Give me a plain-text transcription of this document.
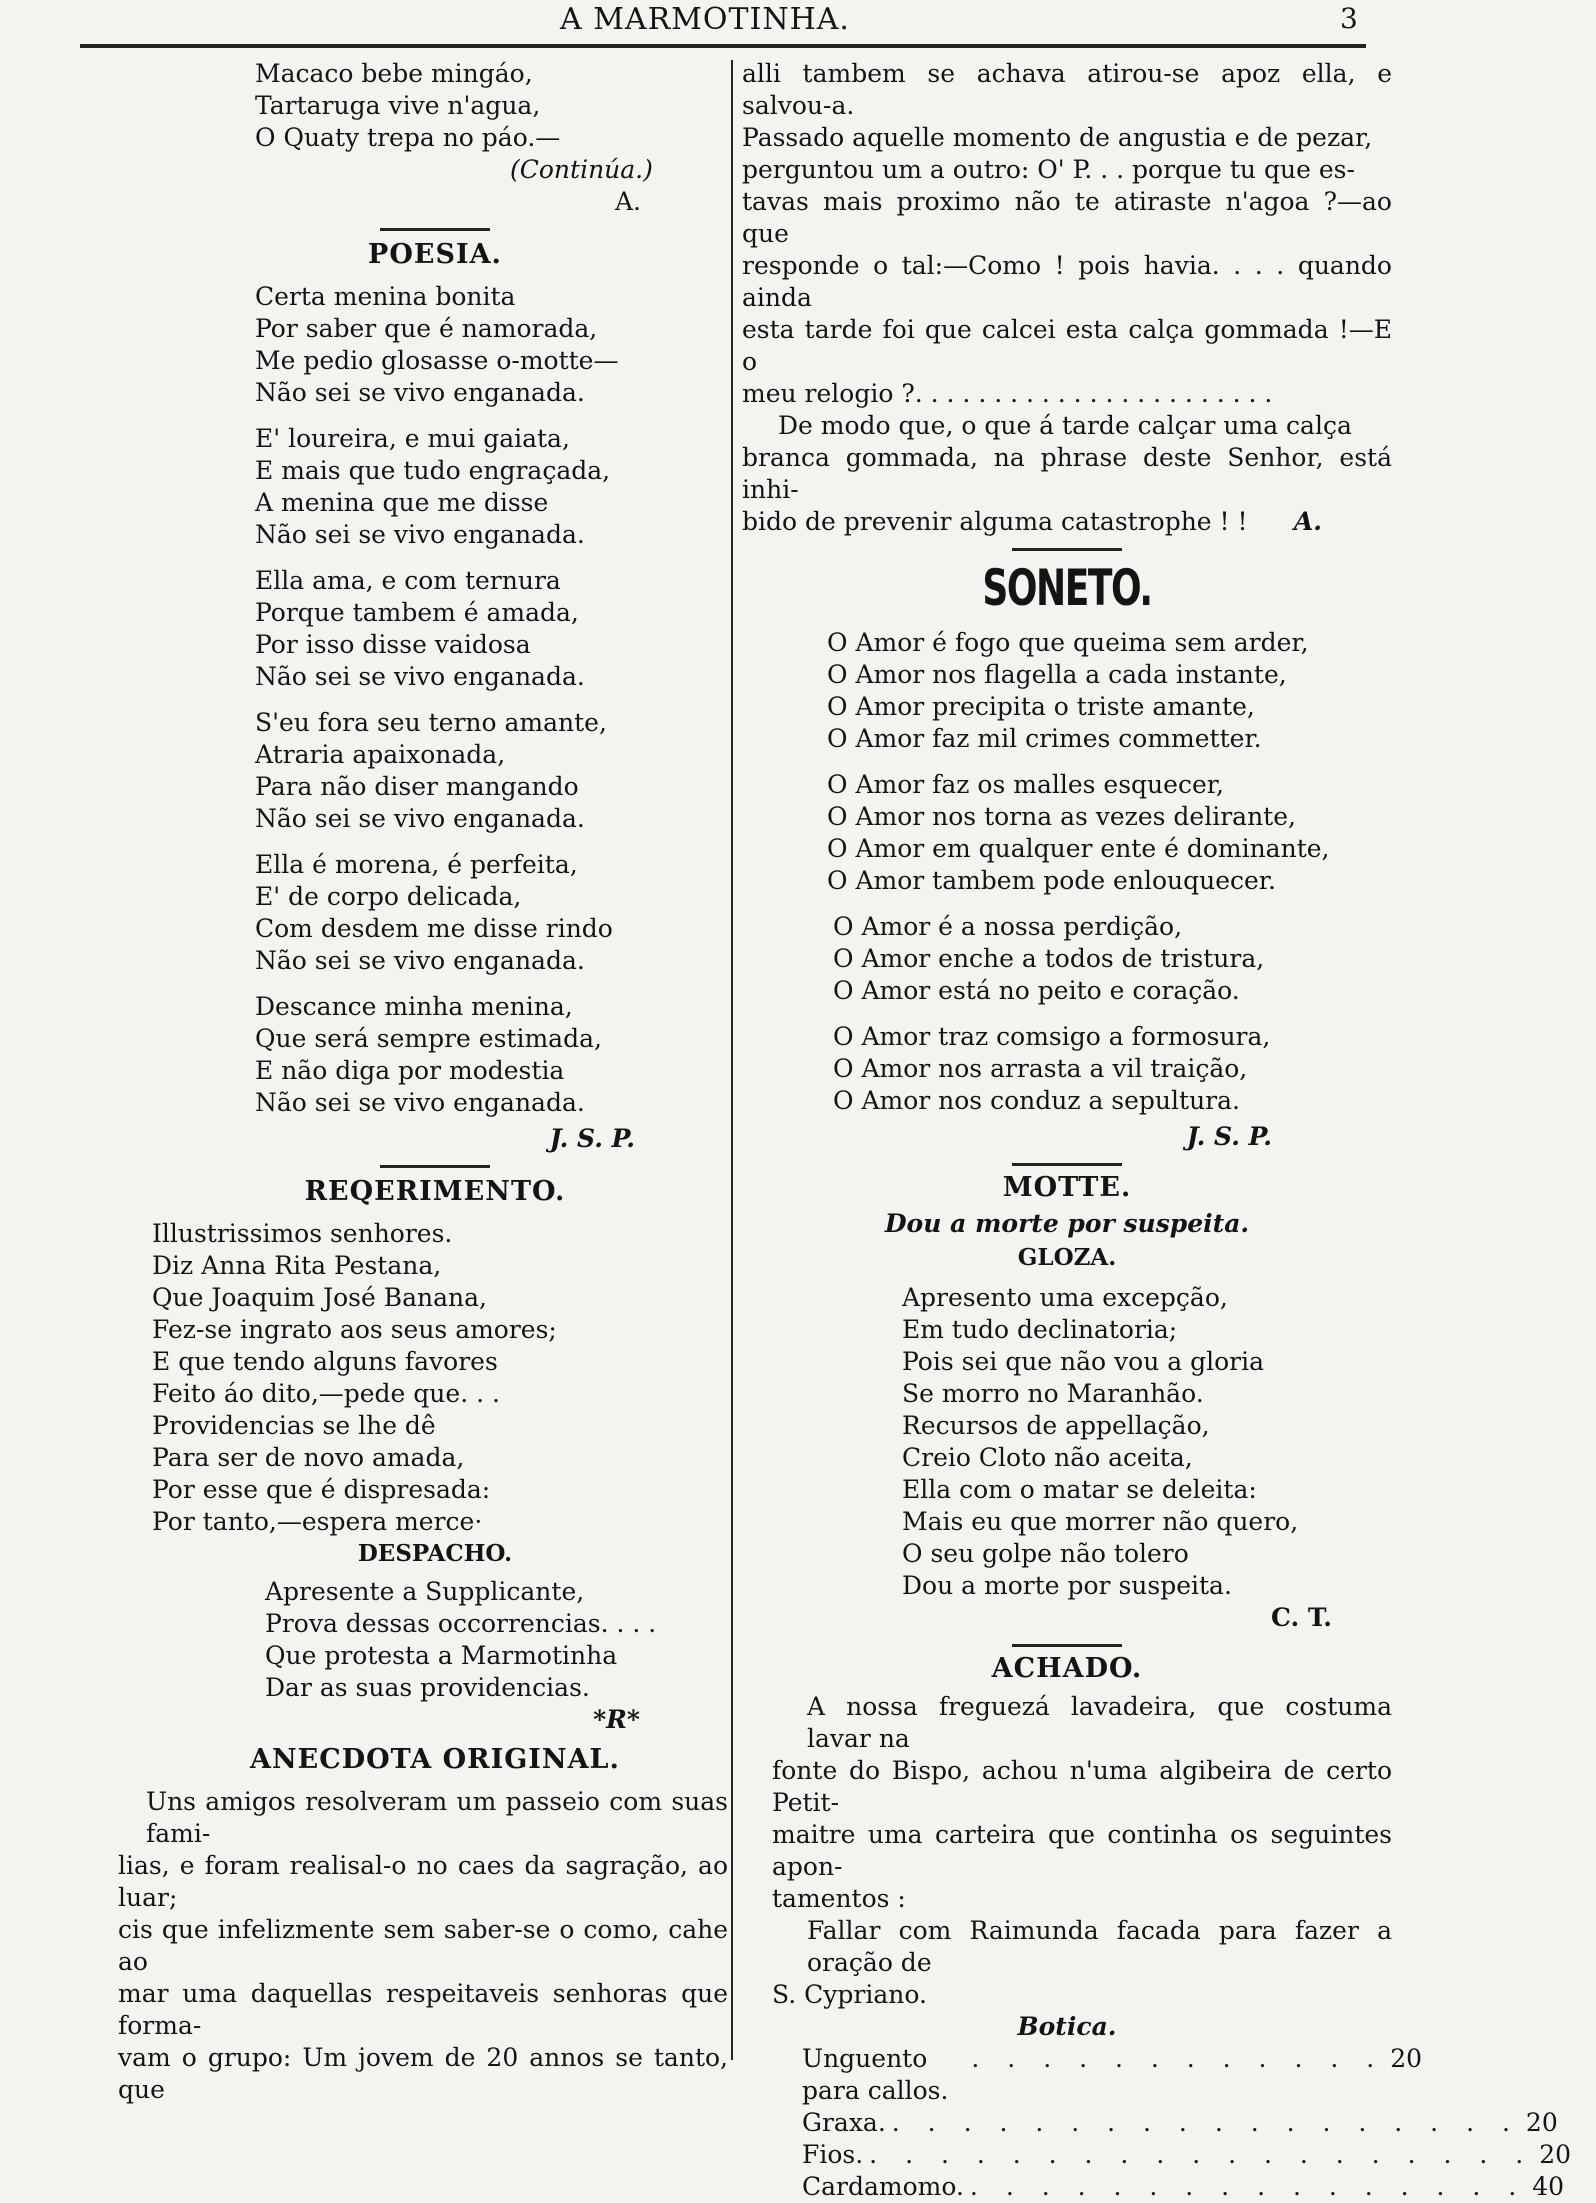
A MARMOTINHA.	3
Macaco bebe mingáo,
Tartaruga vive n'agua,
O Quaty trepa no páo.—
(Continúa.)
A.
POESIA.
Certa menina bonita
Por saber que é namorada,
Me pedio glosasse o-motte—
Não sei se vivo enganada.
E' loureira, e mui gaiata,
E mais que tudo engraçada,
A menina que me disse
Não sei se vivo enganada.
Ella ama, e com ternura
Porque tambem é amada,
Por isso disse vaidosa
Não sei se vivo enganada.
S'eu fora seu terno amante,
Atraria apaixonada,
Para não diser mangando
Não sei se vivo enganada.
Ella é morena, é perfeita,
E' de corpo delicada,
Com desdem me disse rindo
Não sei se vivo enganada.
Descance minha menina,
Que será sempre estimada,
E não diga por modestia
Não sei se vivo enganada.
J. S. P.
REQERIMENTO.
Illustrissimos senhores.
Diz Anna Rita Pestana,
Que Joaquim José Banana,
Fez-se ingrato aos seus amores;
E que tendo alguns favores
Feito áo dito,—pede que. . .
Providencias se lhe dê
Para ser de novo amada,
Por esse que é dispresada:
Por tanto,—espera merce·
DESPACHO.
Apresente a Supplicante,
Prova dessas occorrencias. . . .
Que protesta a Marmotinha
Dar as suas providencias.
*R*
ANECDOTA ORIGINAL.
Uns amigos resolveram um passeio com suas fami-
lias, e foram realisal-o no caes da sagração, ao luar;
cis que infelizmente sem saber-se o como, cahe ao
mar uma daquellas respeitaveis senhoras que forma-
vam o grupo: Um jovem de 20 annos se tanto, que
alli tambem se achava atirou-se apoz ella, e salvou-a.
Passado aquelle momento de angustia e de pezar,
perguntou um a outro: O' P. . . porque tu que es-
tavas mais proximo não te atiraste n'agoa ?—ao que
responde o tal:—Como ! pois havia. . . . quando ainda
esta tarde foi que calcei esta calça gommada !—E o
meu relogio ?. . . . . . . . . . . . . . . . . . . . . . .
De modo que, o que á tarde calçar uma calça
branca gommada, na phrase deste Senhor, está inhi-
bido de prevenir alguma catastrophe ! ! A.
SONETO.
O Amor é fogo que queima sem arder,
O Amor nos flagella a cada instante,
O Amor precipita o triste amante,
O Amor faz mil crimes commetter.
O Amor faz os malles esquecer,
O Amor nos torna as vezes delirante,
O Amor em qualquer ente é dominante,
O Amor tambem pode enlouquecer.
O Amor é a nossa perdição,
O Amor enche a todos de tristura,
O Amor está no peito e coração.
O Amor traz comsigo a formosura,
O Amor nos arrasta a vil traição,
O Amor nos conduz a sepultura.
J. S. P.
MOTTE.
Dou a morte por suspeita.
GLOZA.
Apresento uma excepção,
Em tudo declinatoria;
Pois sei que não vou a gloria
Se morro no Maranhão.
Recursos de appellação,
Creio Cloto não aceita,
Ella com o matar se deleita:
Mais eu que morrer não quero,
O seu golpe não tolero
Dou a morte por suspeita.
C. T.
ACHADO.
A nossa freguezá lavadeira, que costuma lavar na
fonte do Bispo, achou n'uma algibeira de certo Petit-
maitre uma carteira que continha os seguintes apon-
tamentos :
Fallar com Raimunda facada para fazer a oração de
S. Cypriano.
Botica.
Unguento para callos.
. . . . . . . . . . . . 20
Graxa. . . . . . . . . . . . . . . . . . . 20
Fios. . . . . . . . . . . . . . . . . . . . 20
Cardamomo. . . . . . . . . . . . . . . . . 40
